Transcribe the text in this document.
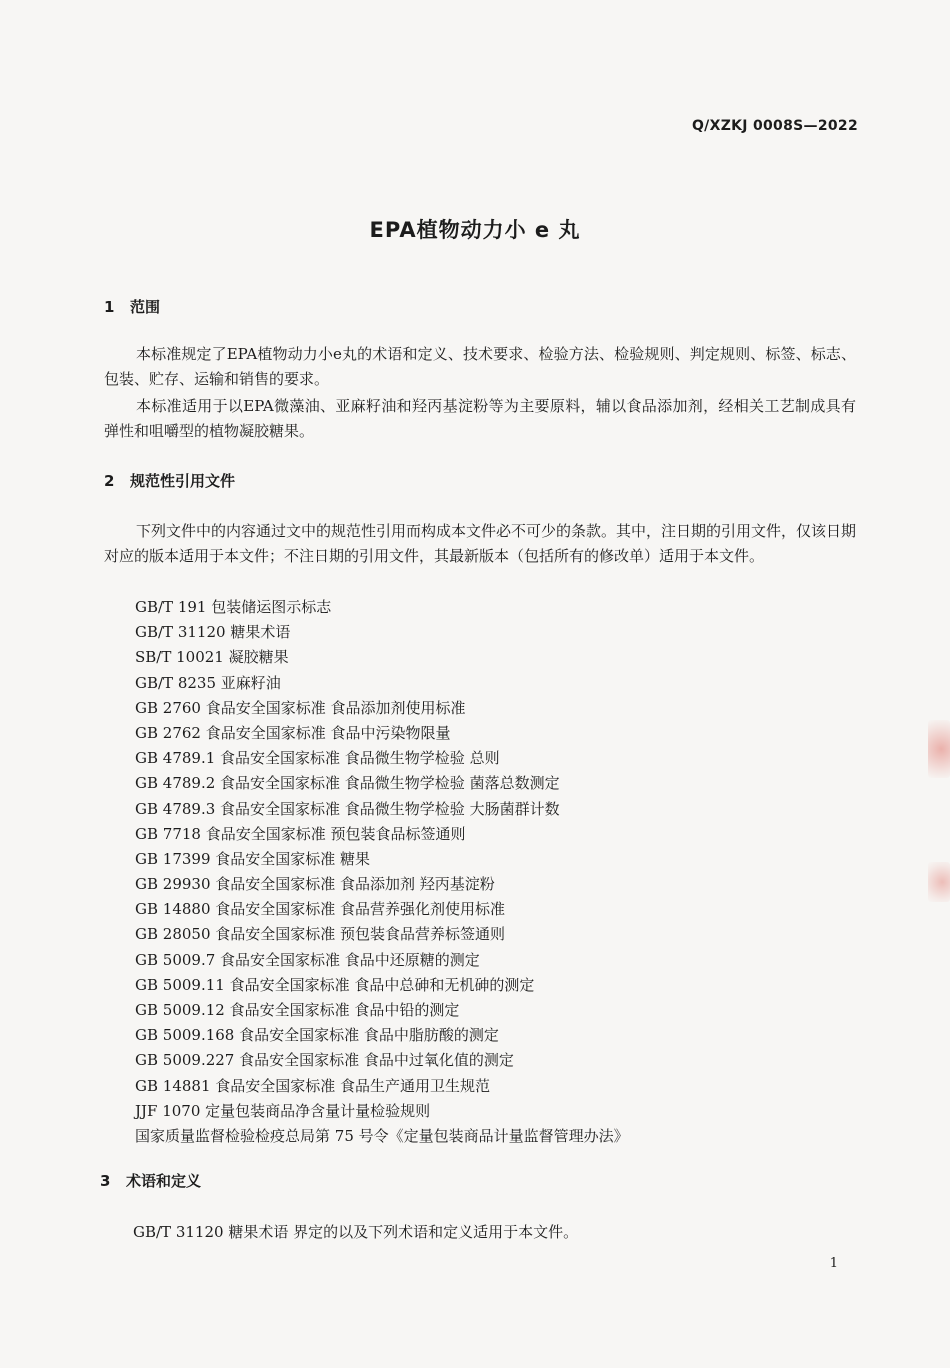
Q/XZKJ 0008S—2022
EPA植物动力小 e 丸
1 范围
本标准规定了EPA植物动力小e丸的术语和定义、技术要求、检验方法、检验规则、判定规则、标签、标志、包装、贮存、运输和销售的要求。
本标准适用于以EPA微藻油、亚麻籽油和羟丙基淀粉等为主要原料，辅以食品添加剂，经相关工艺制成具有弹性和咀嚼型的植物凝胶糖果。
2 规范性引用文件
下列文件中的内容通过文中的规范性引用而构成本文件必不可少的条款。其中，注日期的引用文件，仅该日期对应的版本适用于本文件；不注日期的引用文件，其最新版本（包括所有的修改单）适用于本文件。
GB/T 191 包装储运图示标志
GB/T 31120 糖果术语
SB/T 10021 凝胶糖果
GB/T 8235 亚麻籽油
GB 2760 食品安全国家标准 食品添加剂使用标准
GB 2762 食品安全国家标准 食品中污染物限量
GB 4789.1 食品安全国家标准 食品微生物学检验 总则
GB 4789.2 食品安全国家标准 食品微生物学检验 菌落总数测定
GB 4789.3 食品安全国家标准 食品微生物学检验 大肠菌群计数
GB 7718 食品安全国家标准 预包装食品标签通则
GB 17399 食品安全国家标准 糖果
GB 29930 食品安全国家标准 食品添加剂 羟丙基淀粉
GB 14880 食品安全国家标准 食品营养强化剂使用标准
GB 28050 食品安全国家标准 预包装食品营养标签通则
GB 5009.7 食品安全国家标准 食品中还原糖的测定
GB 5009.11 食品安全国家标准 食品中总砷和无机砷的测定
GB 5009.12 食品安全国家标准 食品中铅的测定
GB 5009.168 食品安全国家标准 食品中脂肪酸的测定
GB 5009.227 食品安全国家标准 食品中过氧化值的测定
GB 14881 食品安全国家标准 食品生产通用卫生规范
JJF 1070 定量包装商品净含量计量检验规则
国家质量监督检验检疫总局第 75 号令《定量包装商品计量监督管理办法》
3 术语和定义
GB/T 31120 糖果术语 界定的以及下列术语和定义适用于本文件。
1
